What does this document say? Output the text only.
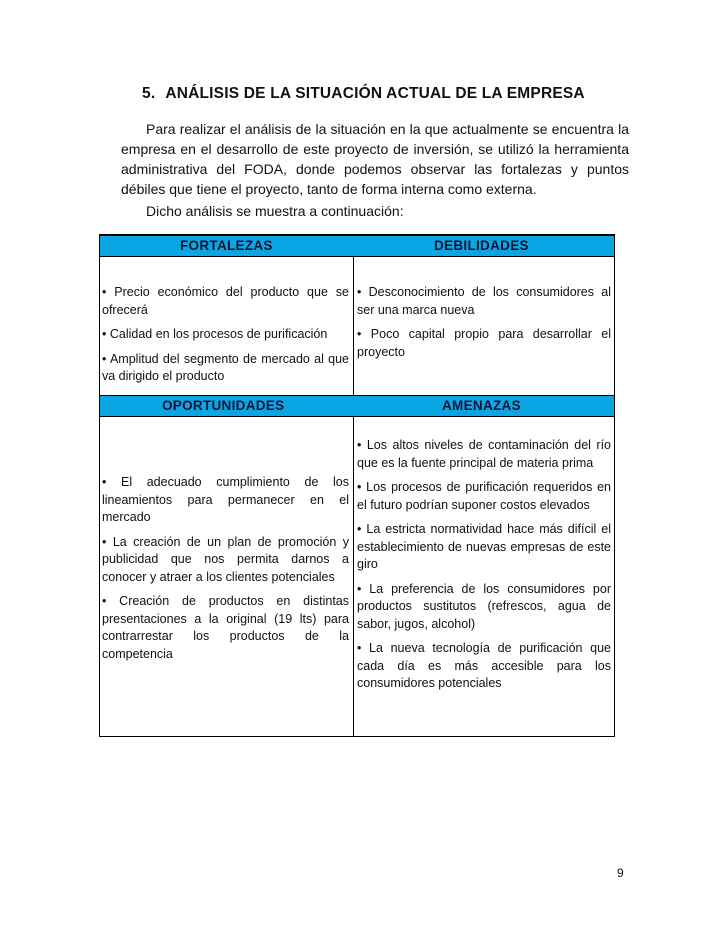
5. ANÁLISIS DE LA SITUACIÓN ACTUAL DE LA EMPRESA
Para realizar el análisis de la situación en la que actualmente se encuentra la empresa en el desarrollo de este proyecto de inversión, se utilizó la herramienta administrativa del FODA, donde podemos observar las fortalezas y puntos débiles que tiene el proyecto, tanto de forma interna como externa.
Dicho análisis se muestra a continuación:
FORTALEZAS	DEBILIDADES

• Precio económico del producto que se ofrecerá

• Calidad en los procesos de purificación

• Amplitud del segmento de mercado al que va dirigido el producto

• Desconocimiento de los consumidores al ser una marca nueva

• Poco capital propio para desarrollar el proyecto

OPORTUNIDADES	AMENAZAS

• El adecuado cumplimiento de los lineamientos para permanecer en el mercado

• La creación de un plan de promoción y publicidad que nos permita darnos a conocer y atraer a los clientes potenciales

• Creación de productos en distintas presentaciones a la original (19 lts) para contrarrestar los productos de la competencia

• Los altos niveles de contaminación del río que es la fuente principal de materia prima

• Los procesos de purificación requeridos en el futuro podrían suponer costos elevados

• La estricta normatividad hace más difícil el establecimiento de nuevas empresas de este giro

• La preferencia de los consumidores por productos sustitutos (refrescos, agua de sabor, jugos, alcohol)

• La nueva tecnología de purificación que cada día es más accesible para los consumidores potenciales

9
